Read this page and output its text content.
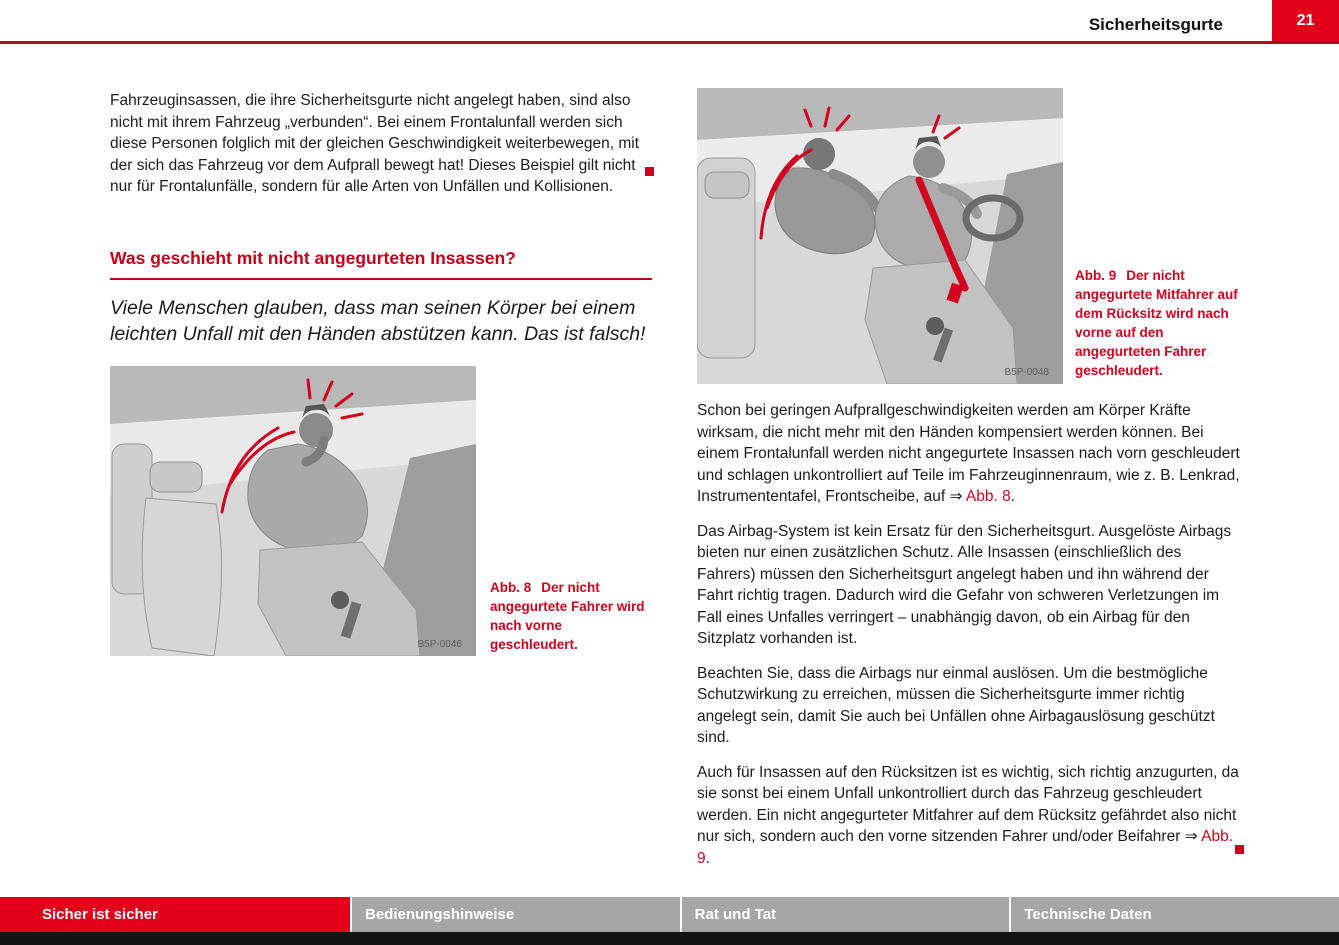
Sicherheitsgurte	21
Fahrzeuginsassen, die ihre Sicherheitsgurte nicht angelegt haben, sind also nicht mit ihrem Fahrzeug „verbunden“. Bei einem Frontalunfall werden sich diese Personen folglich mit der gleichen Geschwindigkeit weiterbewegen, mit der sich das Fahrzeug vor dem Aufprall bewegt hat! Dieses Beispiel gilt nicht nur für Frontalunfälle, sondern für alle Arten von Unfällen und Kollisionen.
Was geschieht mit nicht angegurteten Insassen?

Viele Menschen glauben, dass man seinen Körper bei einem leichten Unfall mit den Händen abstützen kann. Das ist falsch!

B5P-0046
Abb. 8 Der nicht angegurtete Fahrer wird nach vorne geschleudert.
B5P-0048
Abb. 9 Der nicht angegurtete Mitfahrer auf dem Rücksitz wird nach vorne auf den angegurteten Fahrer geschleudert.

Schon bei geringen Aufprallgeschwindigkeiten werden am Körper Kräfte wirksam, die nicht mehr mit den Händen kompensiert werden können. Bei einem Frontalunfall werden nicht angegurtete Insassen nach vorn geschleudert und schlagen unkontrolliert auf Teile im Fahrzeuginnenraum, wie z. B. Lenkrad, Instrumententafel, Frontscheibe, auf ⇒ Abb. 8.

Das Airbag-System ist kein Ersatz für den Sicherheitsgurt. Ausgelöste Airbags bieten nur einen zusätzlichen Schutz. Alle Insassen (einschließlich des Fahrers) müssen den Sicherheitsgurt angelegt haben und ihn während der Fahrt richtig tragen. Dadurch wird die Gefahr von schweren Verletzungen im Fall eines Unfalles verringert – unabhängig davon, ob ein Airbag für den Sitzplatz vorhanden ist.

Beachten Sie, dass die Airbags nur einmal auslösen. Um die bestmögliche Schutzwirkung zu erreichen, müssen die Sicherheitsgurte immer richtig angelegt sein, damit Sie auch bei Unfällen ohne Airbagauslösung geschützt sind.

Auch für Insassen auf den Rücksitzen ist es wichtig, sich richtig anzugurten, da sie sonst bei einem Unfall unkontrolliert durch das Fahrzeug geschleudert werden. Ein nicht angegurteter Mitfahrer auf dem Rücksitz gefährdet also nicht nur sich, sondern auch den vorne sitzenden Fahrer und/oder Beifahrer ⇒ Abb. 9.

Sicher ist sicher	Bedienungshinweise	Rat und Tat	Technische Daten
